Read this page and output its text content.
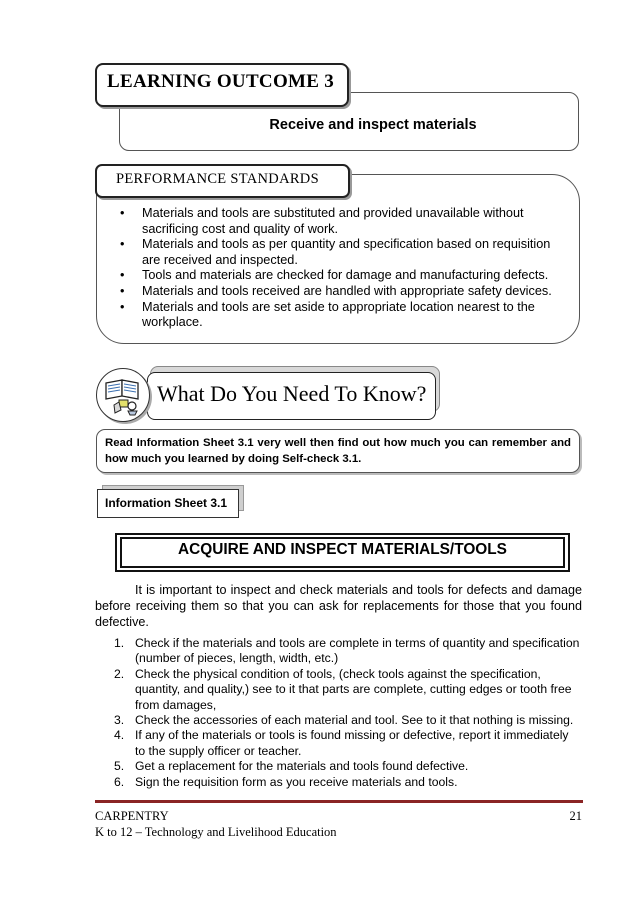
LEARNING OUTCOME 3
Receive and inspect materials
PERFORMANCE STANDARDS
• Materials and tools are substituted and provided unavailable without sacrificing cost and quality of work.
• Materials and tools as per quantity and specification based on requisition are received and inspected.
• Tools and materials are checked for damage and manufacturing defects.
• Materials and tools received are handled with appropriate safety devices.
• Materials and tools are set aside to appropriate location nearest to the workplace.
What Do You Need To Know?
Read Information Sheet 3.1 very well then find out how much you can remember and how much you learned by doing Self-check 3.1.
Information Sheet 3.1
ACQUIRE AND INSPECT MATERIALS/TOOLS
It is important to inspect and check materials and tools for defects and damage before receiving them so that you can ask for replacements for those that you found defective.
1. Check if the materials and tools are complete in terms of quantity and specification (number of pieces, length, width, etc.)
2. Check the physical condition of tools, (check tools against the specification, quantity, and quality,) see to it that parts are complete, cutting edges or tooth free from damages,
3. Check the accessories of each material and tool. See to it that nothing is missing.
4. If any of the materials or tools is found missing or defective, report it immediately to the supply officer or teacher.
5. Get a replacement for the materials and tools found defective.
6. Sign the requisition form as you receive materials and tools.
CARPENTRY
K to 12 – Technology and Livelihood Education
21
